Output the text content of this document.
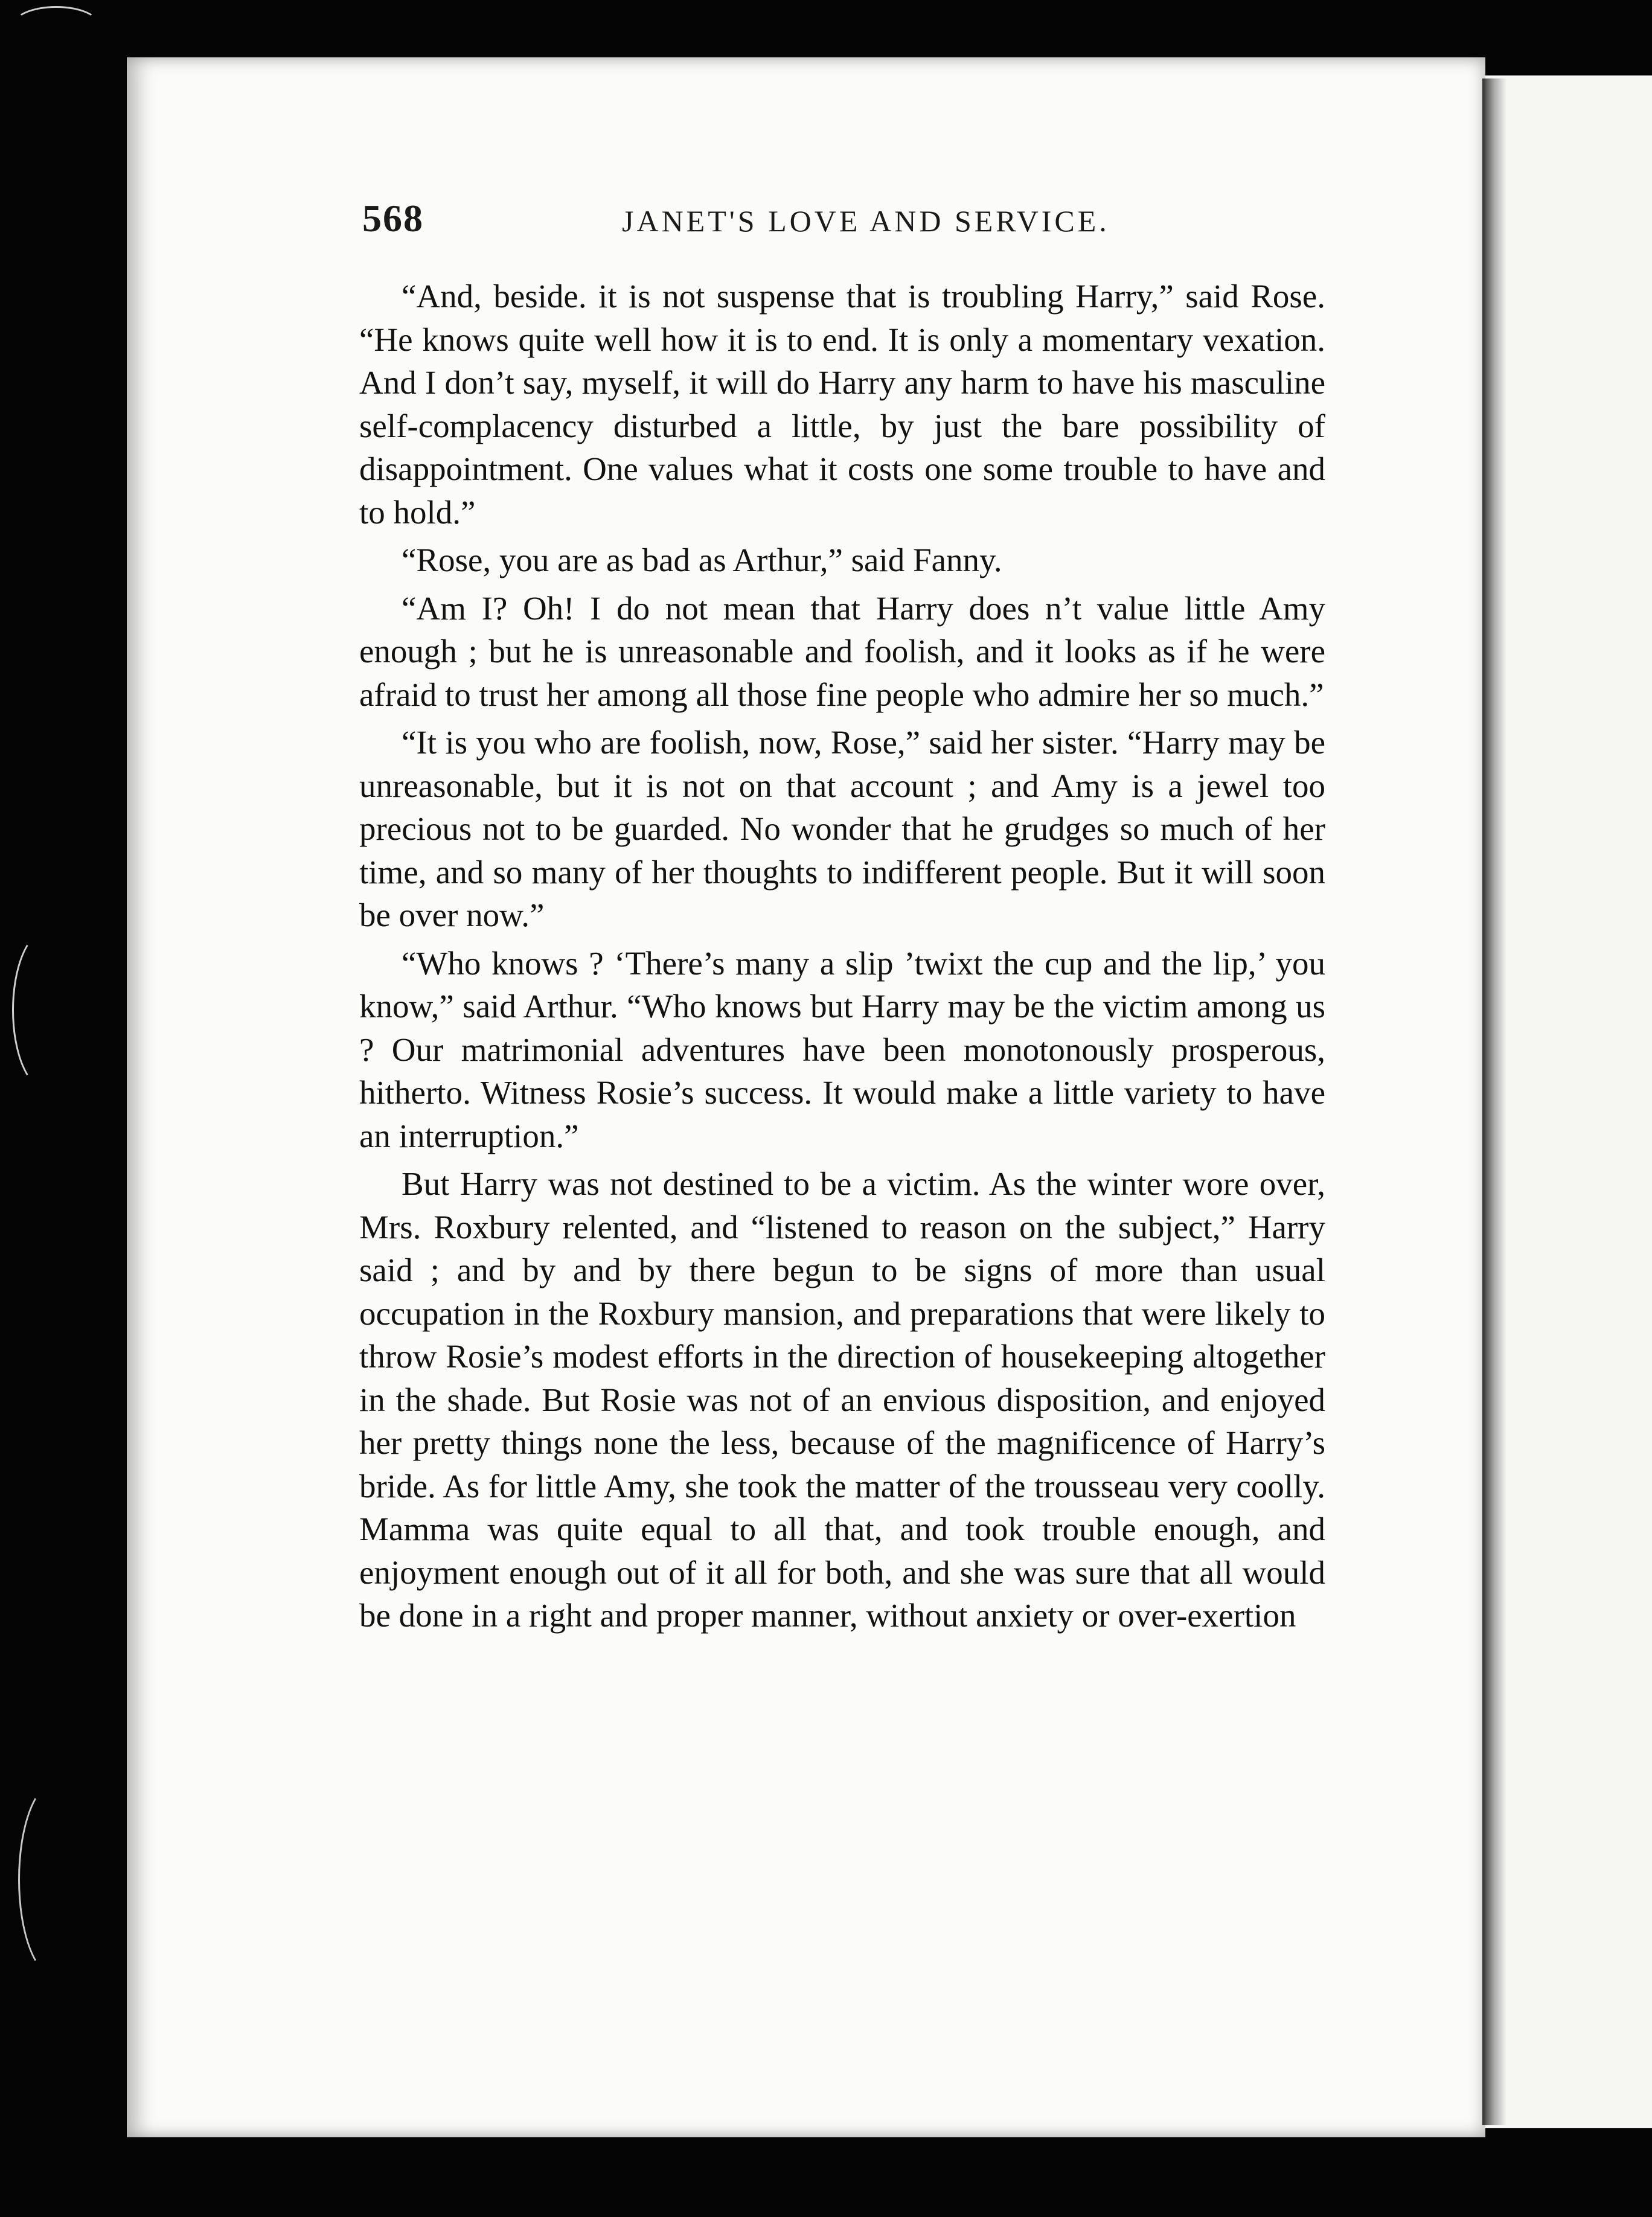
568	JANET'S LOVE AND SERVICE.

“And, beside. it is not suspense that is troubling Harry,” said Rose. “He knows quite well how it is to end. It is only a momentary vexation. And I don’t say, myself, it will do Harry any harm to have his masculine self-complacency disturbed a little, by just the bare possibility of disappointment. One values what it costs one some trouble to have and to hold.”

“Rose, you are as bad as Arthur,” said Fanny.

“Am I? Oh! I do not mean that Harry does n’t value little Amy enough ; but he is unreasonable and foolish, and it looks as if he were afraid to trust her among all those fine people who admire her so much.”

“It is you who are foolish, now, Rose,” said her sister. “Harry may be unreasonable, but it is not on that account ; and Amy is a jewel too precious not to be guarded. No wonder that he grudges so much of her time, and so many of her thoughts to indifferent people. But it will soon be over now.”

“Who knows ? ‘There’s many a slip ’twixt the cup and the lip,’ you know,” said Arthur. “Who knows but Harry may be the victim among us ? Our matrimonial adventures have been monotonously prosperous, hitherto. Witness Rosie’s success. It would make a little variety to have an interruption.”

But Harry was not destined to be a victim. As the winter wore over, Mrs. Roxbury relented, and “listened to reason on the subject,” Harry said ; and by and by there begun to be signs of more than usual occupation in the Roxbury mansion, and preparations that were likely to throw Rosie’s modest efforts in the direction of housekeeping altogether in the shade. But Rosie was not of an envious disposition, and enjoyed her pretty things none the less, because of the magnificence of Harry’s bride. As for little Amy, she took the matter of the trousseau very coolly. Mamma was quite equal to all that, and took trouble enough, and enjoyment enough out of it all for both, and she was sure that all would be done in a right and proper manner, without anxiety or over-exertion
